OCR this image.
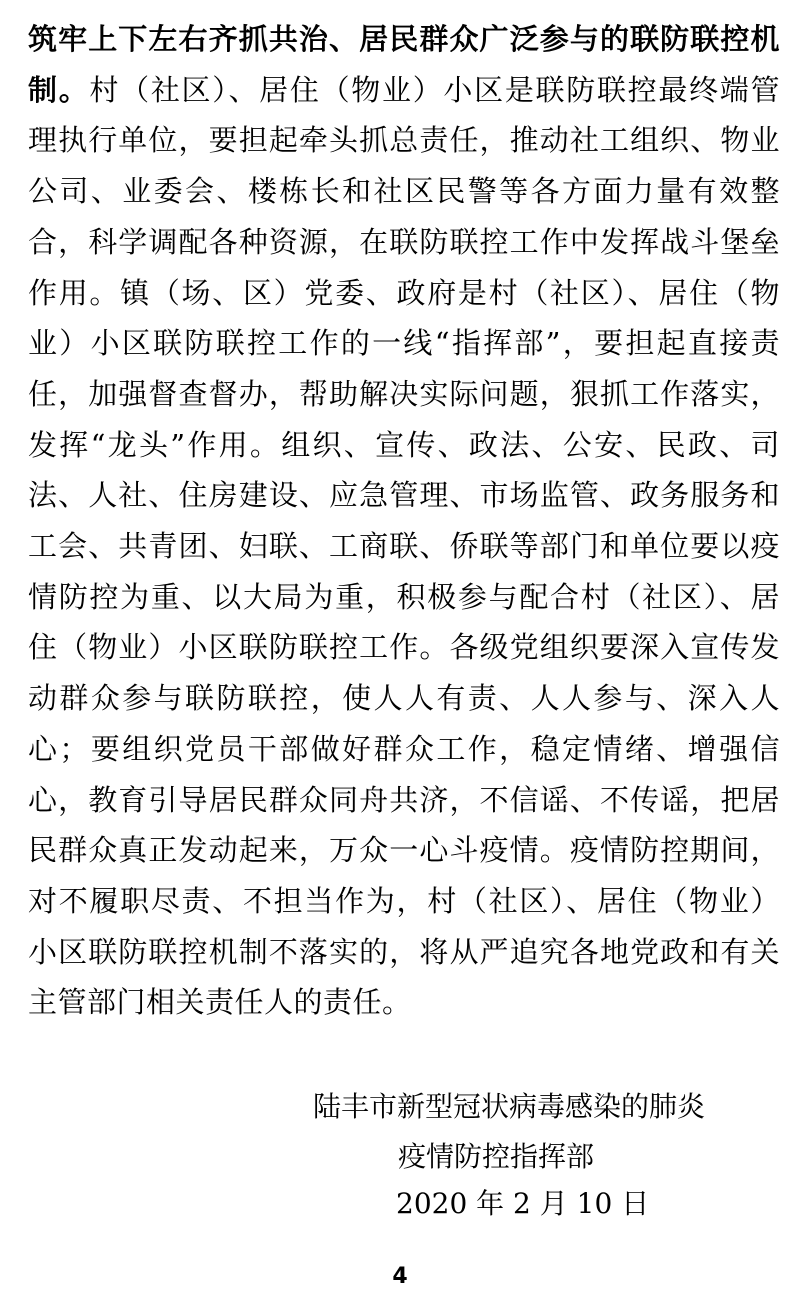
筑牢上下左右齐抓共治、居民群众广泛参与的联防联控机制。村（社区）、居住（物业）小区是联防联控最终端管理执行单位，要担起牵头抓总责任，推动社工组织、物业公司、业委会、楼栋长和社区民警等各方面力量有效整合，科学调配各种资源，在联防联控工作中发挥战斗堡垒作用。镇（场、区）党委、政府是村（社区）、居住（物业）小区联防联控工作的一线“指挥部”，要担起直接责任，加强督查督办，帮助解决实际问题，狠抓工作落实，发挥“龙头”作用。组织、宣传、政法、公安、民政、司法、人社、住房建设、应急管理、市场监管、政务服务和工会、共青团、妇联、工商联、侨联等部门和单位要以疫情防控为重、以大局为重，积极参与配合村（社区）、居住（物业）小区联防联控工作。各级党组织要深入宣传发动群众参与联防联控，使人人有责、人人参与、深入人心；要组织党员干部做好群众工作，稳定情绪、增强信心，教育引导居民群众同舟共济，不信谣、不传谣，把居民群众真正发动起来，万众一心斗疫情。疫情防控期间，对不履职尽责、不担当作为，村（社区）、居住（物业）小区联防联控机制不落实的，将从严追究各地党政和有关主管部门相关责任人的责任。

陆丰市新型冠状病毒感染的肺炎
疫情防控指挥部
2020 年 2 月 10 日
4
